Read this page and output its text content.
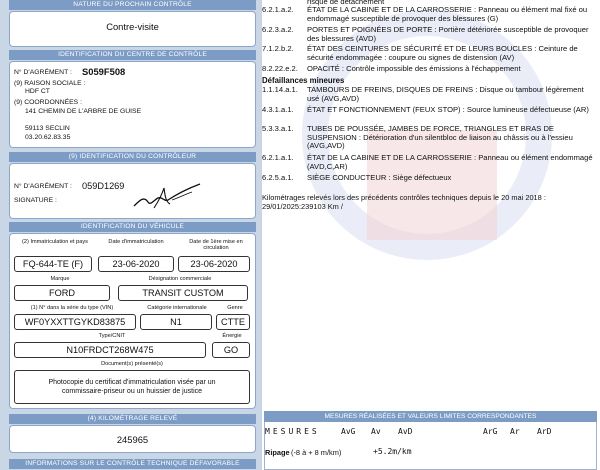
NATURE DU PROCHAIN CONTRÔLE
Contre-visite
IDENTIFICATION DU CENTRE DE CONTRÔLE
N° D'AGRÉMENT : S059F508
(9) RAISON SOCIALE :
HDF CT
(9) COORDONNÉES :
141 CHEMIN DE L'ARBRE DE GUISE
59113 SECLIN
03.20.62.83.35
(9) IDENTIFICATION DU CONTRÔLEUR
N° D'AGRÉMENT : 059D1269
SIGNATURE :
IDENTIFICATION DU VÉHICULE
(2) Immatriculation et pays	Date d'immatriculation	Date de 1ère mise en circulation
FQ-644-TE (F)	23-06-2020	23-06-2020
Marque	Désignation commerciale
FORD	TRANSIT CUSTOM
(1) N° dans la série du type (VIN)	Catégorie internationale	Genre
WF0YXXTTGYKD83875	N1	CTTE
Type/CNIT	Énergie
N10FRDCT268W475	GO
Document(s) présenté(s)
Photocopie du certificat d'immatriculation visée par un commissaire-priseur ou un huissier de justice
(4) KILOMÉTRAGE RELEVÉ
245965
INFORMATIONS SUR LE CONTRÔLE TECHNIQUE DÉFAVORABLE
risque de détachement
6.2.1.a.2.	ÉTAT DE LA CABINE ET DE LA CARROSSERIE : Panneau ou élément mal fixé ou endommagé susceptible de provoquer des blessures (G)
6.2.3.a.2.	PORTES ET POIGNÉES DE PORTE : Portière détériorée susceptible de provoquer des blessures (AVD)
7.1.2.b.2.	ÉTAT DES CEINTURES DE SÉCURITÉ ET DE LEURS BOUCLES : Ceinture de sécurité endommagée : coupure ou signes de distension (AV)
8.2.22.e.2.	OPACITÉ : Contrôle impossible des émissions à l'échappement
Défaillances mineures
1.1.14.a.1.	TAMBOURS DE FREINS, DISQUES DE FREINS : Disque ou tambour légèrement usé (AVG,AVD)
4.3.1.a.1.	ÉTAT ET FONCTIONNEMENT (FEUX STOP) : Source lumineuse défectueuse (AR)
5.3.3.a.1.	TUBES DE POUSSÉE, JAMBES DE FORCE, TRIANGLES ET BRAS DE SUSPENSION : Détérioration d'un silentbloc de liaison au châssis ou à l'essieu (AVG,AVD)
6.2.1.a.1.	ÉTAT DE LA CABINE ET DE LA CARROSSERIE : Panneau ou élément endommagé (AVD,C,AR)
6.2.5.a.1.	SIÈGE CONDUCTEUR : Siège défectueux
Kilométrages relevés lors des précédents contrôles techniques depuis le 20 mai 2018 : 29/01/2025:239103 Km /
MESURES RÉALISÉES ET VALEURS LIMITES CORRESPONDANTES
MESURES	AvG Av AvD	ArG Ar ArD
Ripage (-8 à + 8 m/km)	+5.2m/km
